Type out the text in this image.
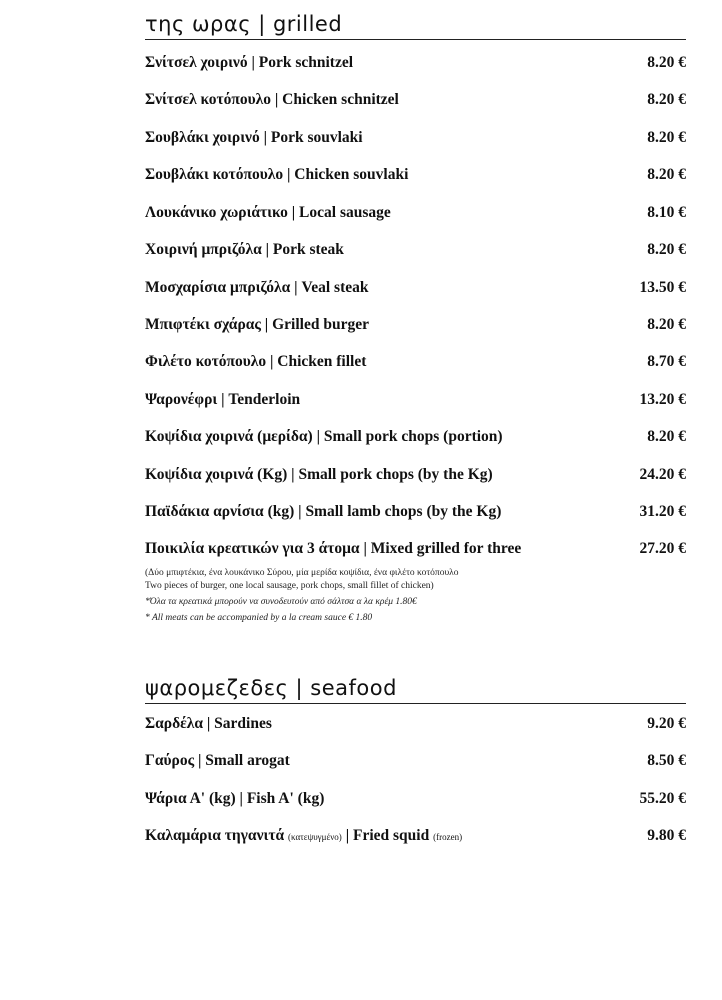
της ωρας | grilled
Σνίτσελ χοιρινό | Pork schnitzel	8.20 €
Σνίτσελ κοτόπουλο | Chicken schnitzel	8.20 €
Σουβλάκι χοιρινό | Pork souvlaki	8.20 €
Σουβλάκι κοτόπουλο | Chicken souvlaki	8.20 €
Λουκάνικο χωριάτικο | Local sausage	8.10 €
Χοιρινή μπριζόλα | Pork steak	8.20 €
Μοσχαρίσια μπριζόλα | Veal steak	13.50 €
Μπιφτέκι σχάρας | Grilled burger	8.20 €
Φιλέτο κοτόπουλο | Chicken fillet	8.70 €
Ψαρονέφρι | Tenderloin	13.20 €
Κοψίδια χοιρινά (μερίδα) | Small pork chops (portion)	8.20 €
Κοψίδια χοιρινά (Kg) | Small pork chops (by the Kg)	24.20 €
Παϊδάκια αρνίσια (kg) | Small lamb chops (by the Kg)	31.20 €
Ποικιλία κρεατικών για 3 άτομα | Mixed grilled for three	27.20 €
(Δύο μπιφτέκια, ένα λουκάνικο Σύρου, μία μερίδα κοψίδια, ένα φιλέτο κοτόπουλο
Two pieces of burger, one local sausage, pork chops, small fillet of chicken)
*Όλα τα κρεατικά μπορούν να συνοδευτούν από σάλτσα α λα κρέμ 1.80€
* All meats can be accompanied by a la cream sauce € 1.80
ψαρομεζεδες | seafood
Σαρδέλα | Sardines	9.20 €
Γαύρος | Small arogat	8.50 €
Ψάρια Α' (kg) | Fish A' (kg)	55.20 €
Καλαμάρια τηγανιτά (κατεψυγμένο) | Fried squid (frozen)	9.80 €
